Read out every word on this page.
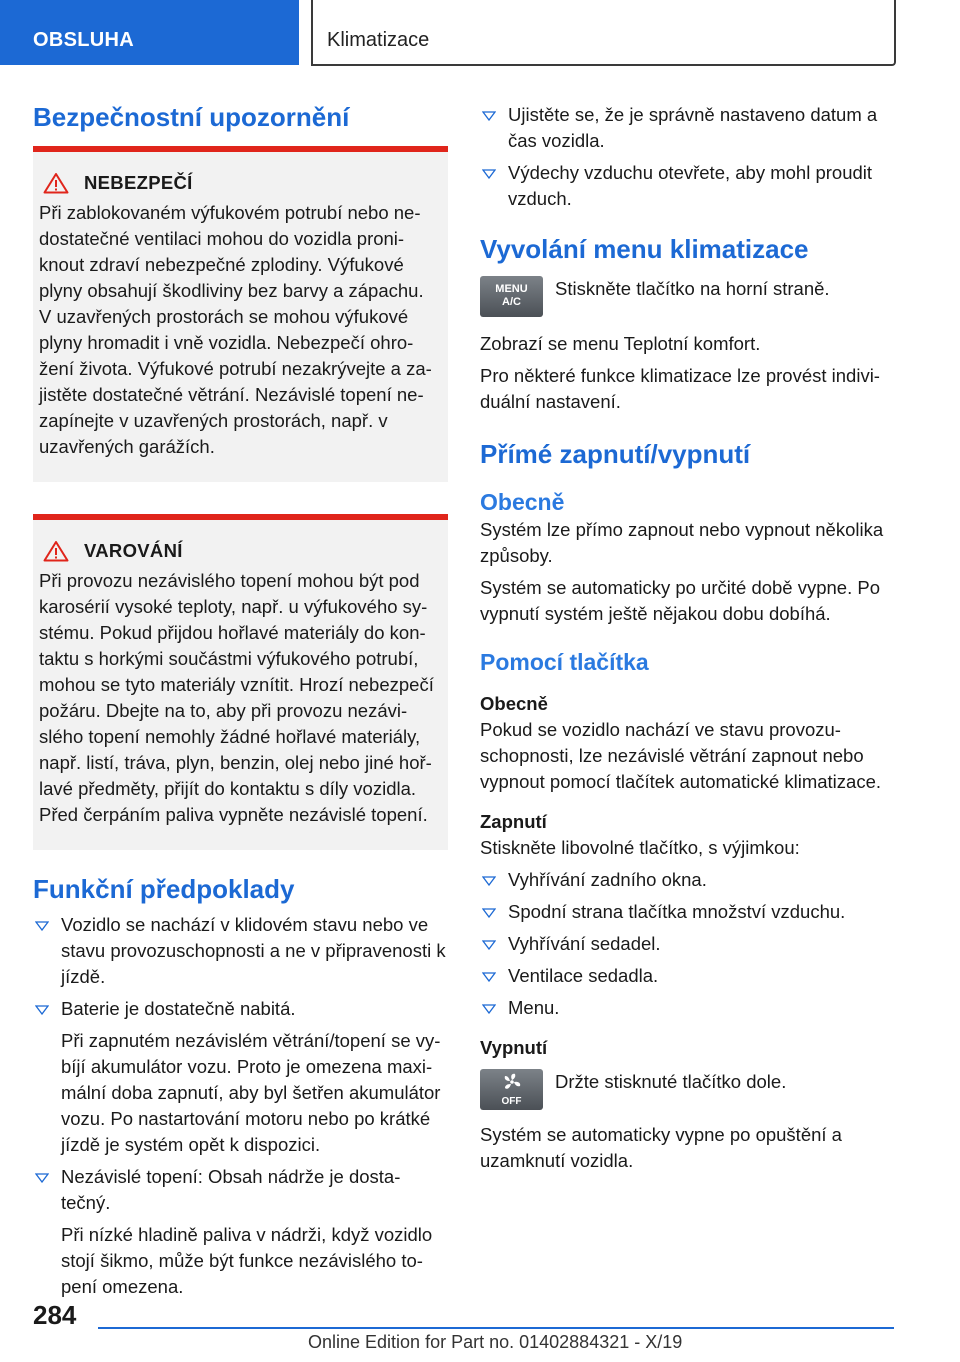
OBSLUHA	Klimatizace
Bezpečnostní upozornění
NEBEZPEČÍ
Při zablokovaném výfukovém potrubí nebo ne-dostatečné ventilaci mohou do vozidla proni-knout zdraví nebezpečné zplodiny. Výfukové plyny obsahují škodliviny bez barvy a zápachu. V uzavřených prostorách se mohou výfukové plyny hromadit i vně vozidla. Nebezpečí ohro-žení života. Výfukové potrubí nezakrývejte a za-jistěte dostatečné větrání. Nezávislé topení ne-zapínejte v uzavřených prostorách, např. v uzavřených garážích.
VAROVÁNÍ
Při provozu nezávislého topení mohou být pod karosérií vysoké teploty, např. u výfukového sy-stému. Pokud přijdou hořlavé materiály do kon-taktu s horkými součástmi výfukového potrubí, mohou se tyto materiály vznítit. Hrozí nebezpečí požáru. Dbejte na to, aby při provozu nezávi-slého topení nemohly žádné hořlavé materiály, např. listí, tráva, plyn, benzin, olej nebo jiné hoř-lavé předměty, přijít do kontaktu s díly vozidla. Před čerpáním paliva vypněte nezávislé topení.
Funkční předpoklady
Vozidlo se nachází v klidovém stavu nebo ve stavu provozuschopnosti a ne v připravenosti k jízdě.
Baterie je dostatečně nabitá.
Při zapnutém nezávislém větrání/topení se vy-bíjí akumulátor vozu. Proto je omezena maxi-mální doba zapnutí, aby byl šetřen akumulátor vozu. Po nastartování motoru nebo po krátké jízdě je systém opět k dispozici.
Nezávislé topení: Obsah nádrže je dosta-tečný.
Při nízké hladině paliva v nádrži, když vozidlo stojí šikmo, může být funkce nezávislého to-pení omezena.
Ujistěte se, že je správně nastaveno datum a čas vozidla.
Výdechy vzduchu otevřete, aby mohl proudit vzduch.
Vyvolání menu klimatizace
MENU
A/C
Stiskněte tlačítko na horní straně.
Zobrazí se menu Teplotní komfort.
Pro některé funkce klimatizace lze provést indivi-duální nastavení.
Přímé zapnutí/vypnutí
Obecně
Systém lze přímo zapnout nebo vypnout několika způsoby.
Systém se automaticky po určité době vypne. Po vypnutí systém ještě nějakou dobu dobíhá.
Pomocí tlačítka
Obecně
Pokud se vozidlo nachází ve stavu provozu-schopnosti, lze nezávislé větrání zapnout nebo vypnout pomocí tlačítek automatické klimatizace.
Zapnutí
Stiskněte libovolné tlačítko, s výjimkou:
Vyhřívání zadního okna.
Spodní strana tlačítka množství vzduchu.
Vyhřívání sedadel.
Ventilace sedadla.
Menu.
Vypnutí
OFF
Držte stisknuté tlačítko dole.
Systém se automaticky vypne po opuštění a uzamknutí vozidla.
284
Online Edition for Part no. 01402884321 - X/19
